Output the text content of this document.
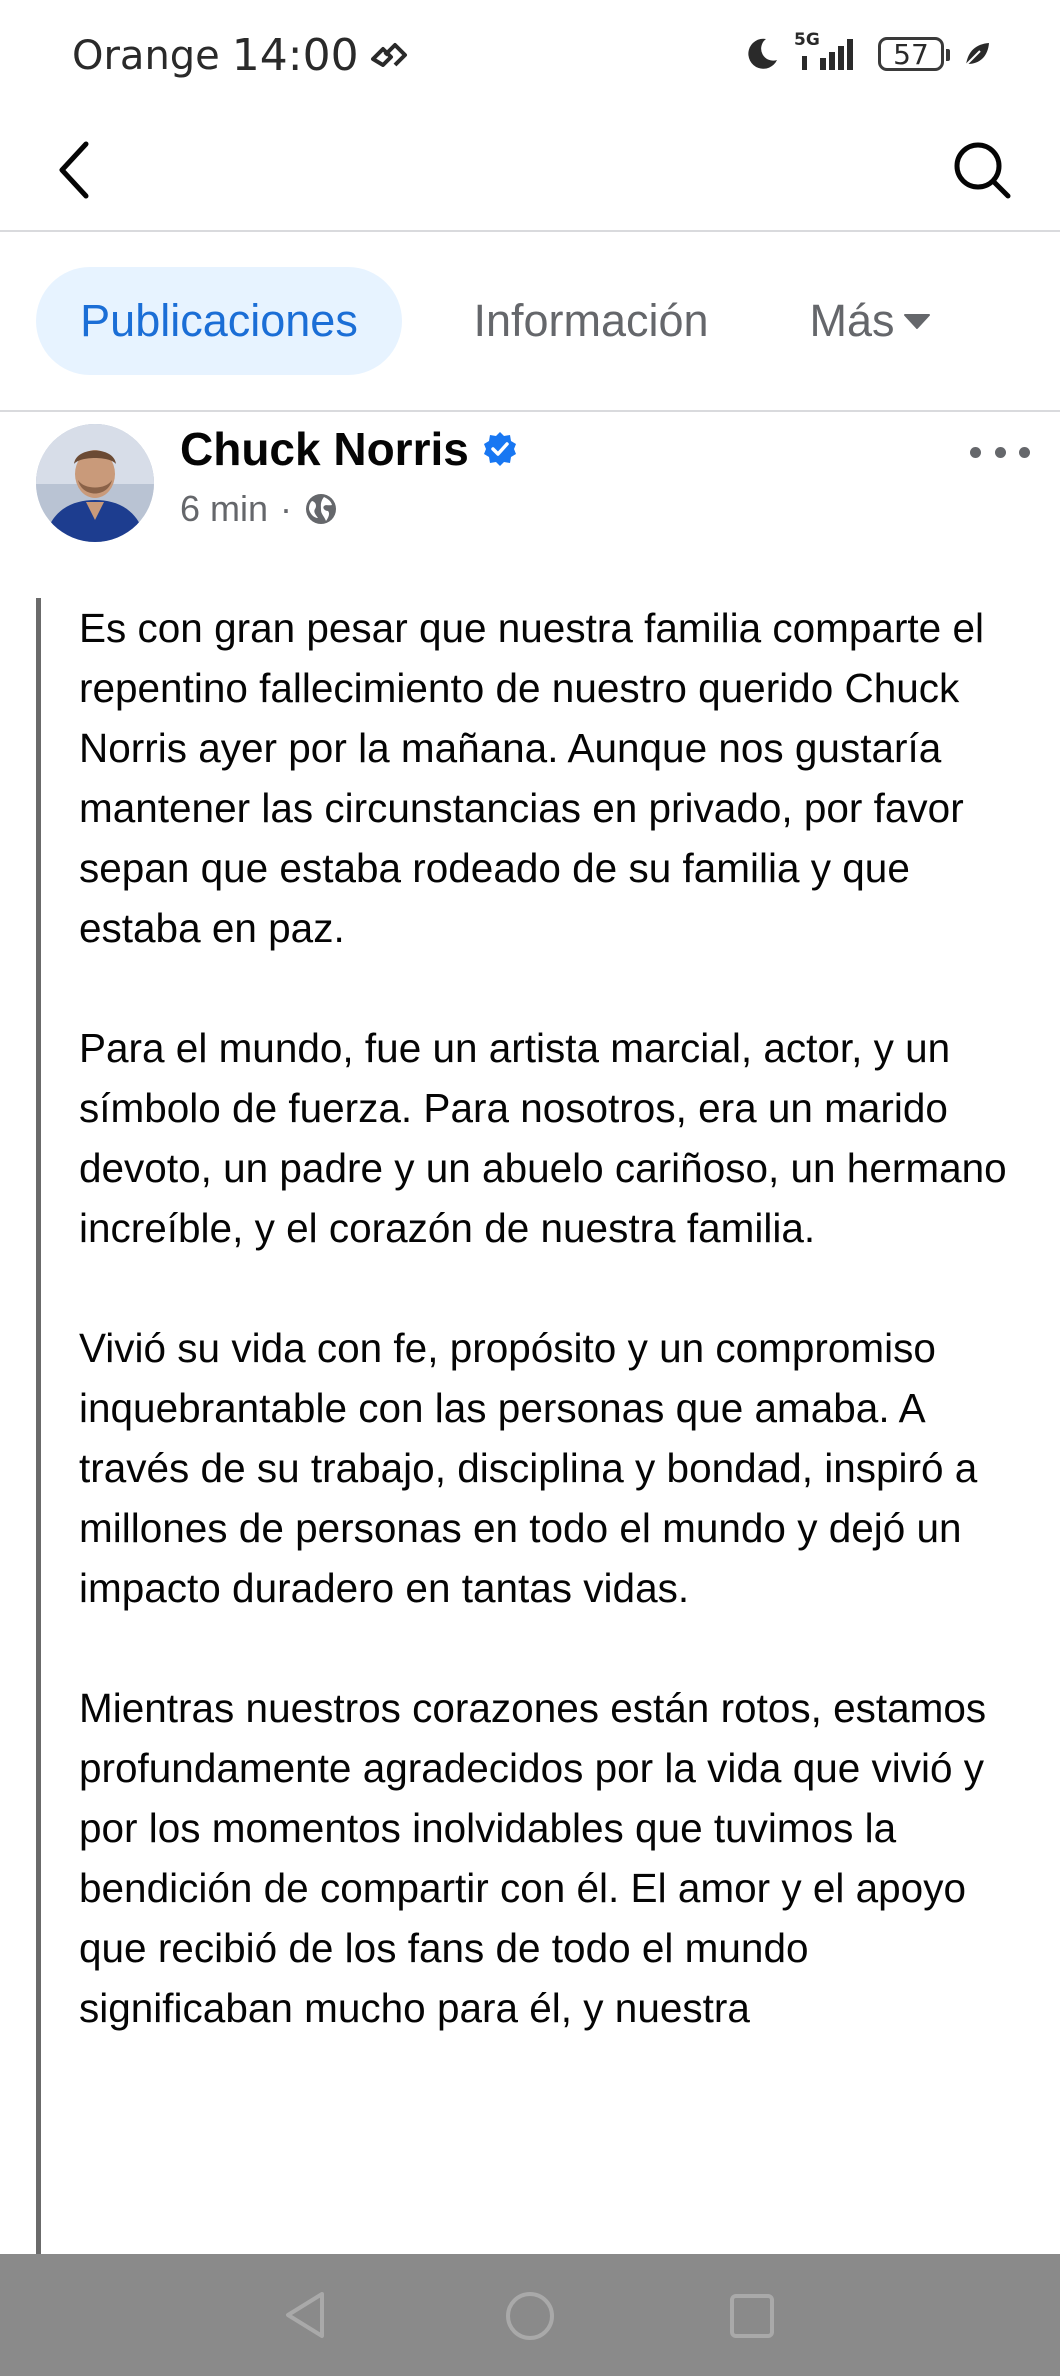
Orange 14:00	5G	57
Publicaciones	Información Más
Chuck Norris
6 min ·

Es con gran pesar que nuestra familia comparte el repentino fallecimiento de nuestro querido Chuck Norris ayer por la mañana. Aunque nos gustaría mantener las circunstancias en privado, por favor sepan que estaba rodeado de su familia y que estaba en paz.

Para el mundo, fue un artista marcial, actor, y un símbolo de fuerza. Para nosotros, era un marido devoto, un padre y un abuelo cariñoso, un hermano increíble, y el corazón de nuestra familia.

Vivió su vida con fe, propósito y un compromiso inquebrantable con las personas que amaba. A través de su trabajo, disciplina y bondad, inspiró a millones de personas en todo el mundo y dejó un impacto duradero en tantas vidas.

Mientras nuestros corazones están rotos, estamos profundamente agradecidos por la vida que vivió y por los momentos inolvidables que tuvimos la bendición de compartir con él. El amor y el apoyo que recibió de los fans de todo el mundo significaban mucho para él, y nuestra
